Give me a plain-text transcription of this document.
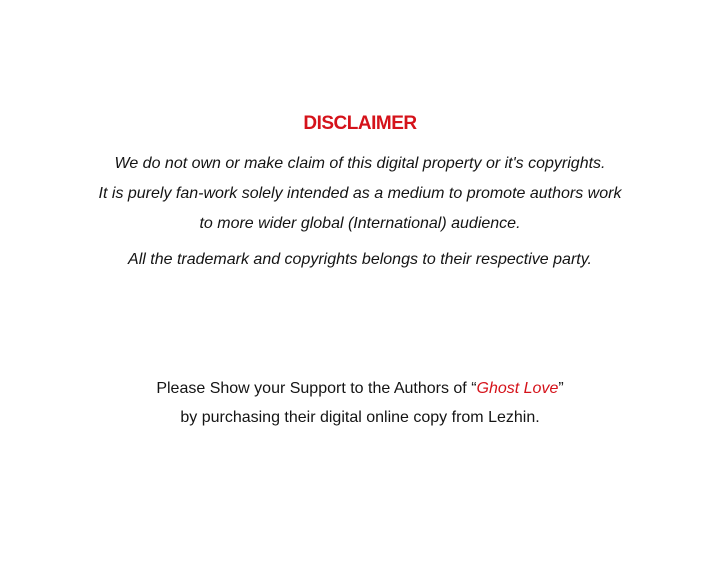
DISCLAIMER

We do not own or make claim of this digital property or it's copyrights.
It is purely fan-work solely intended as a medium to promote authors work
to more wider global (International) audience.

All the trademark and copyrights belongs to their respective party.

Please Show your Support to the Authors of “Ghost Love”
by purchasing their digital online copy from Lezhin.
